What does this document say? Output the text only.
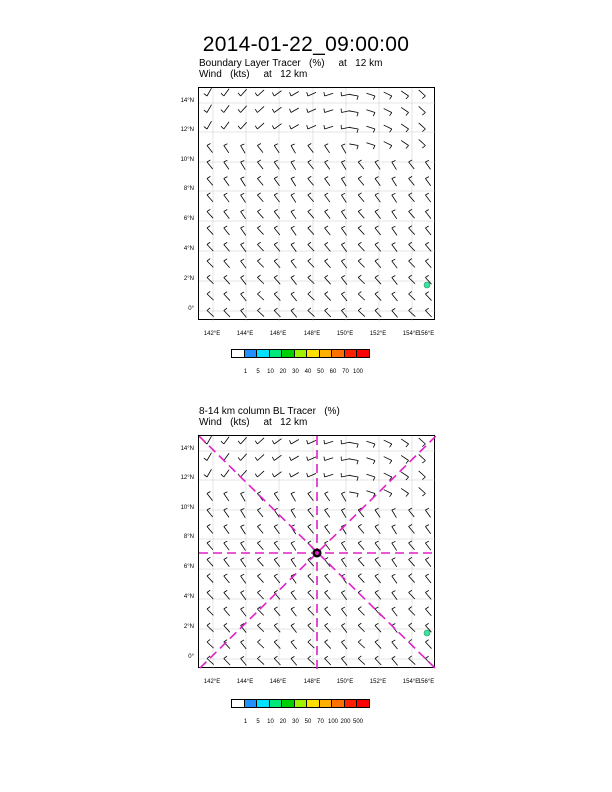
2014-01-22_09:00:00
Boundary Layer Tracer   (%)     at   12 km
Wind   (kts)     at   12 km
14°N
12°N
10°N
8°N
6°N
4°N
2°N
0°
142°E	144°E	146°E	148°E	150°E	152°E	154°E
156°E
1	5	10 20 30 40 50 60 70 100
8-14 km column BL Tracer   (%)
Wind   (kts)     at   12 km
14°N
12°N
10°N
8°N
6°N
4°N
2°N
0°
142°E	144°E	146°E	148°E	150°E	152°E	154°E
156°E
1	5	10 20 30 50 70 100 200 500
